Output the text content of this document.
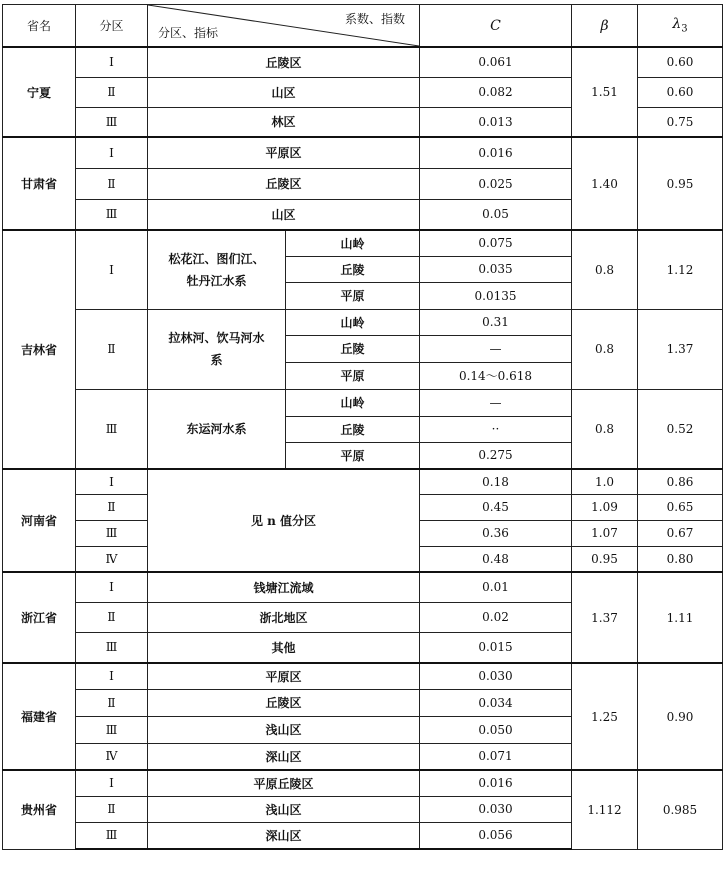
省名	分区	系数、指数
分区、指标		C	β	$\lambda_3$
宁夏	Ⅰ	丘陵区		0.061	1.51	0.60
	Ⅱ	山区		0.082		0.60
	Ⅲ	林区		0.013		0.75
甘肃省	Ⅰ	平原区		0.016	1.40	0.95
	Ⅱ	丘陵区		0.025		
	Ⅲ	山区		0.05		
吉林省	Ⅰ	松花江、图们江、牡丹江水系	山岭	0.075	0.8	1.12
			丘陵	0.035		
			平原	0.0135		
	Ⅱ	拉林河、饮马河水系	山岭	0.31	0.8	1.37
			丘陵	—		
			平原	0.14～0.618		
	Ⅲ	东运河水系	山岭	—	0.8	0.52
			丘陵	··		
			平原	0.275		
河南省	Ⅰ	见 n 值分区		0.18	1.0	0.86
	Ⅱ			0.45	1.09	0.65
	Ⅲ			0.36	1.07	0.67
	Ⅳ			0.48	0.95	0.80
浙江省	Ⅰ	钱塘江流域		0.01	1.37	1.11
	Ⅱ	浙北地区		0.02		
	Ⅲ	其他		0.015		
福建省	Ⅰ	平原区		0.030	1.25	0.90
	Ⅱ	丘陵区		0.034		
	Ⅲ	浅山区		0.050		
	Ⅳ	深山区		0.071		
贵州省	Ⅰ	平原丘陵区		0.016	1.112	0.985
	Ⅱ	浅山区		0.030		
	Ⅲ	深山区		0.056		
